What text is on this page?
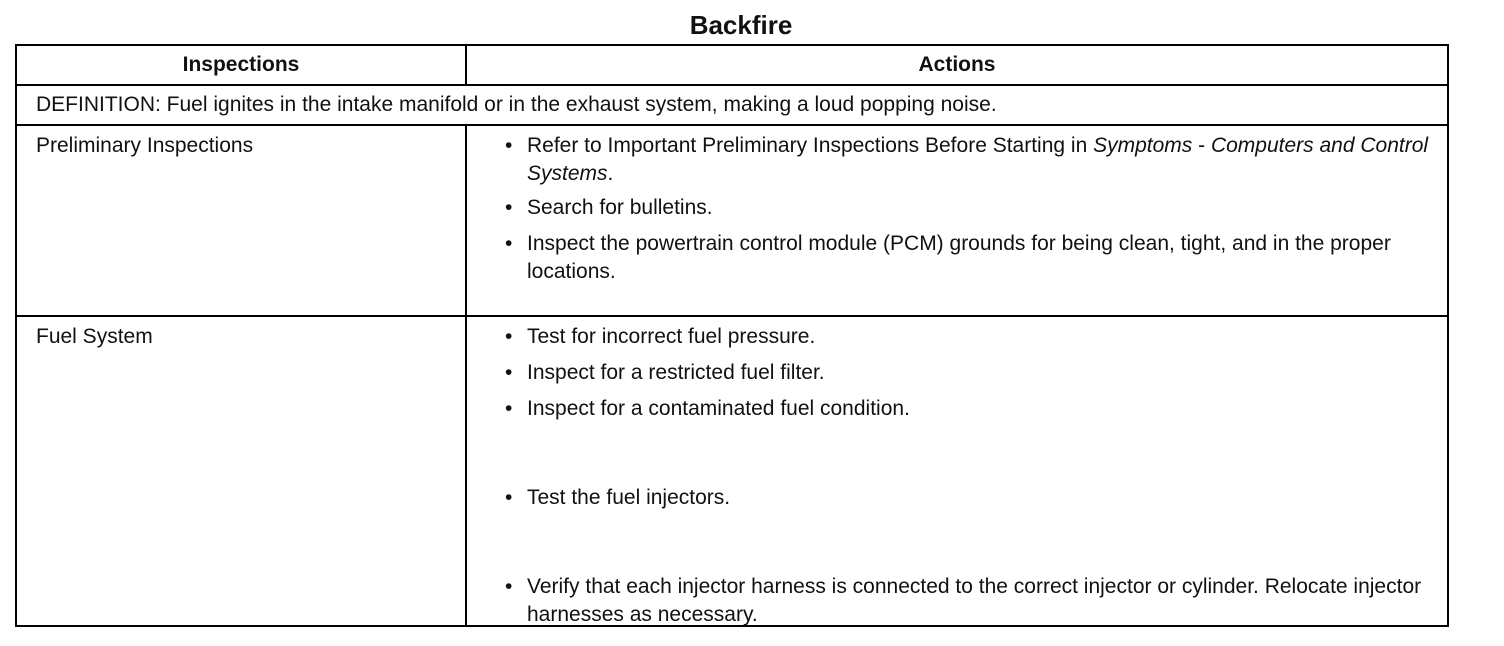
Backfire
Inspections	Actions
DEFINITION: Fuel ignites in the intake manifold or in the exhaust system, making a loud popping noise.
Preliminary Inspections	• Refer to Important Preliminary Inspections Before Starting in Symptoms - Computers and Control Systems.
• Search for bulletins.
• Inspect the powertrain control module (PCM) grounds for being clean, tight, and in the proper locations.
Fuel System	• Test for incorrect fuel pressure.
• Inspect for a restricted fuel filter.
• Inspect for a contaminated fuel condition.
• Test the fuel injectors.
• Verify that each injector harness is connected to the correct injector or cylinder. Relocate injector harnesses as necessary.
